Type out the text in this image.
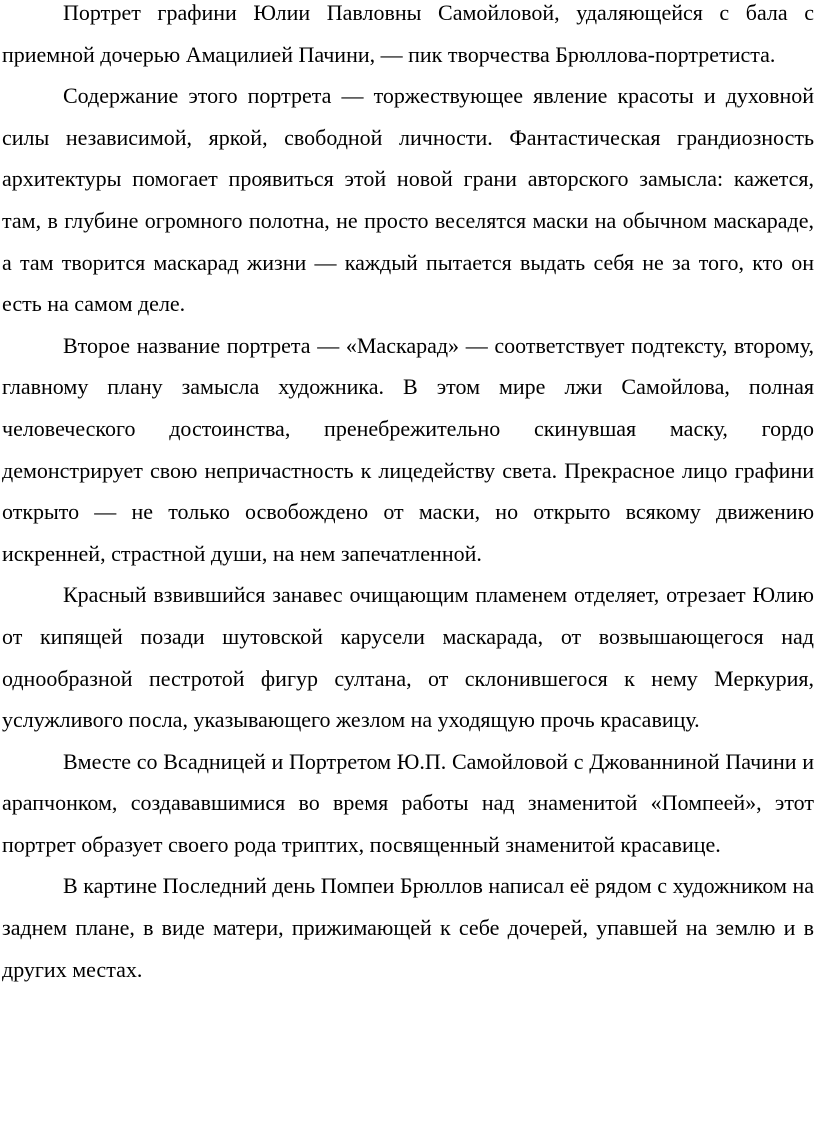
Портрет графини Юлии Павловны Самойловой, удаляющейся с бала с приемной дочерью Амацилией Пачини, — пик творчества Брюллова-портретиста.

Содержание этого портрета — торжествующее явление красоты и духовной силы независимой, яркой, свободной личности. Фантастическая грандиозность архитектуры помогает проявиться этой новой грани авторского замысла: кажется, там, в глубине огромного полотна, не просто веселятся маски на обычном маскараде, а там творится маскарад жизни — каждый пытается выдать себя не за того, кто он есть на самом деле.

Второе название портрета — «Маскарад» — соответствует подтексту, второму, главному плану замысла художника. В этом мире лжи Самойлова, полная человеческого достоинства, пренебрежительно скинувшая маску, гордо демонстрирует свою непричастность к лицедейству света. Прекрасное лицо графини открыто — не только освобождено от маски, но открыто всякому движению искренней, страстной души, на нем запечатленной.

Красный взвившийся занавес очищающим пламенем отделяет, отрезает Юлию от кипящей позади шутовской карусели маскарада, от возвышающегося над однообразной пестротой фигур султана, от склонившегося к нему Меркурия, услужливого посла, указывающего жезлом на уходящую прочь красавицу.

Вместе со Всадницей и Портретом Ю.П. Самойловой с Джованниной Пачини и арапчонком, создававшимися во время работы над знаменитой «Помпеей», этот портрет образует своего рода триптих, посвященный знаменитой красавице.

В картине Последний день Помпеи Брюллов написал её рядом с художником на заднем плане, в виде матери, прижимающей к себе дочерей, упавшей на землю и в других местах.
